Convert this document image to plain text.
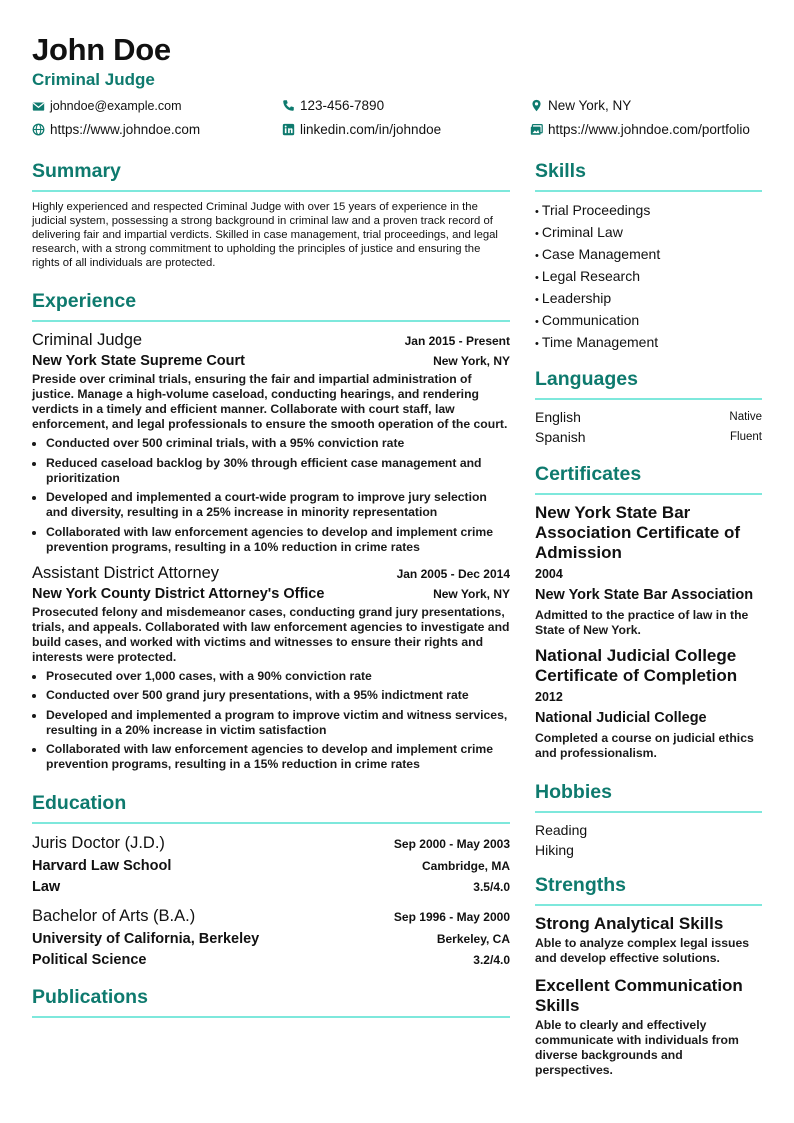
John Doe
Criminal Judge
johndoe@example.com	123-456-7890	New York, NY
https://www.johndoe.com	linkedin.com/in/johndoe	https://www.johndoe.com/portfolio
Summary

Highly experienced and respected Criminal Judge with over 15 years of experience in the judicial system, possessing a strong background in criminal law and a proven track record of delivering fair and impartial verdicts. Skilled in case management, trial proceedings, and legal research, with a strong commitment to upholding the principles of justice and ensuring the rights of all individuals are protected.

Experience
Criminal Judge	Jan 2015 - Present
New York State Supreme Court	New York, NY

Preside over criminal trials, ensuring the fair and impartial administration of justice. Manage a high-volume caseload, conducting hearings, and rendering verdicts in a timely and efficient manner. Collaborate with court staff, law enforcement, and legal professionals to ensure the smooth operation of the court.

• Conducted over 500 criminal trials, with a 95% conviction rate
• Reduced caseload backlog by 30% through efficient case management and prioritization
• Developed and implemented a court-wide program to improve jury selection and diversity, resulting in a 25% increase in minority representation
• Collaborated with law enforcement agencies to develop and implement crime prevention programs, resulting in a 10% reduction in crime rates
Assistant District Attorney	Jan 2005 - Dec 2014
New York County District Attorney's Office	New York, NY

Prosecuted felony and misdemeanor cases, conducting grand jury presentations, trials, and appeals. Collaborated with law enforcement agencies to investigate and build cases, and worked with victims and witnesses to ensure their rights and interests were protected.

• Prosecuted over 1,000 cases, with a 90% conviction rate
• Conducted over 500 grand jury presentations, with a 95% indictment rate
• Developed and implemented a program to improve victim and witness services, resulting in a 20% increase in victim satisfaction
• Collaborated with law enforcement agencies to develop and implement crime prevention programs, resulting in a 15% reduction in crime rates
Education
Juris Doctor (J.D.)	Sep 2000 - May 2003
Harvard Law School	Cambridge, MA
Law	3.5/4.0
Bachelor of Arts (B.A.)	Sep 1996 - May 2000
University of California, Berkeley	Berkeley, CA
Political Science	3.2/4.0
Publications
Skills
• Trial Proceedings
• Criminal Law
• Case Management
• Legal Research
• Leadership
• Communication
• Time Management
Languages
English	Native
Spanish	Fluent
Certificates
New York State Bar Association Certificate of Admission
2004
New York State Bar Association
Admitted to the practice of law in the State of New York.
National Judicial College Certificate of Completion
2012
National Judicial College
Completed a course on judicial ethics and professionalism.
Hobbies
Reading
Hiking
Strengths
Strong Analytical Skills
Able to analyze complex legal issues and develop effective solutions.
Excellent Communication Skills
Able to clearly and effectively communicate with individuals from diverse backgrounds and perspectives.
